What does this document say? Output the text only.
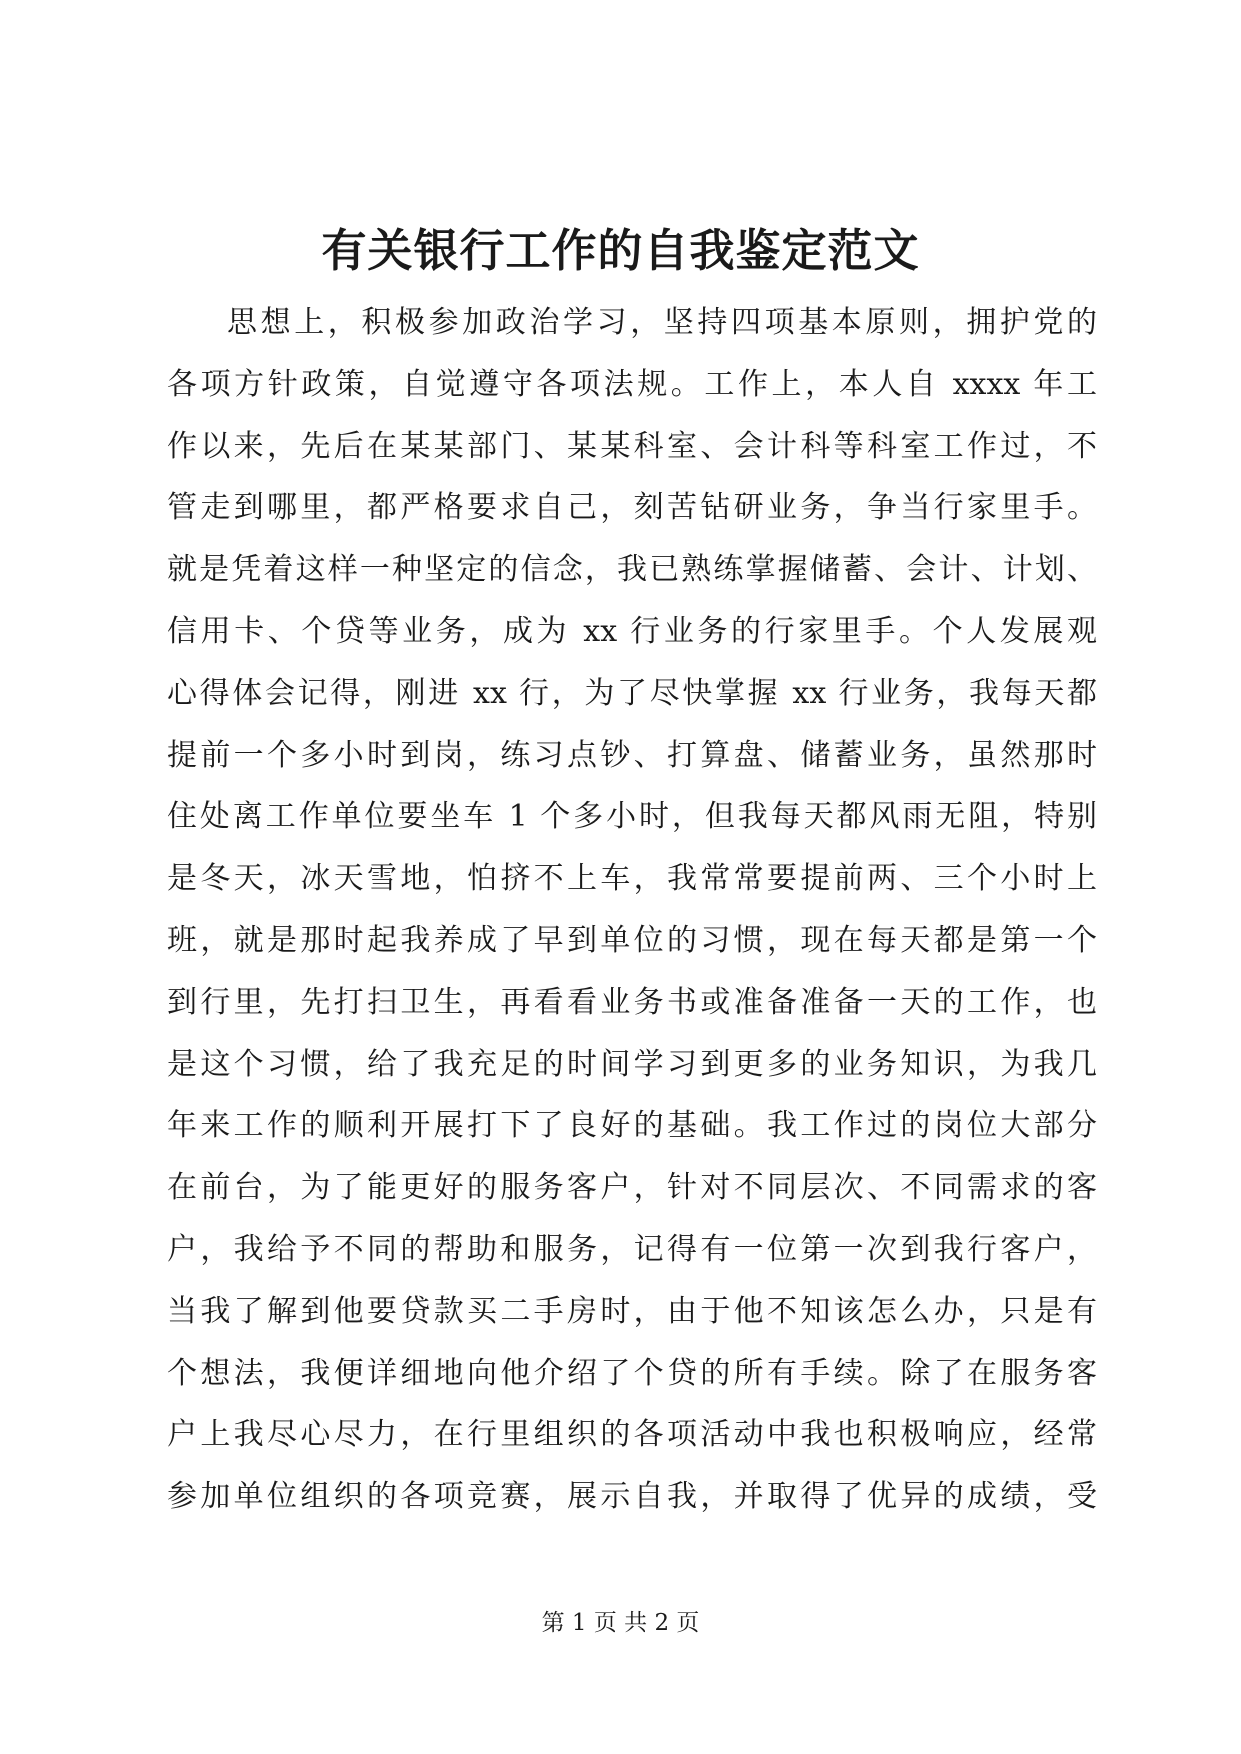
有关银行工作的自我鉴定范文
思想上，积极参加政治学习，坚持四项基本原则，拥护党的
各项方针政策，自觉遵守各项法规。工作上，本人自 xxxx 年工
作以来，先后在某某部门、某某科室、会计科等科室工作过，不
管走到哪里，都严格要求自己，刻苦钻研业务，争当行家里手。
就是凭着这样一种坚定的信念，我已熟练掌握储蓄、会计、计划、
信用卡、个贷等业务，成为 xx 行业务的行家里手。个人发展观
心得体会记得，刚进 xx 行，为了尽快掌握 xx 行业务，我每天都
提前一个多小时到岗，练习点钞、打算盘、储蓄业务，虽然那时
住处离工作单位要坐车 1 个多小时，但我每天都风雨无阻，特别
是冬天，冰天雪地，怕挤不上车，我常常要提前两、三个小时上
班，就是那时起我养成了早到单位的习惯，现在每天都是第一个
到行里，先打扫卫生，再看看业务书或准备准备一天的工作，也
是这个习惯，给了我充足的时间学习到更多的业务知识，为我几
年来工作的顺利开展打下了良好的基础。我工作过的岗位大部分
在前台，为了能更好的服务客户，针对不同层次、不同需求的客
户，我给予不同的帮助和服务，记得有一位第一次到我行客户，
当我了解到他要贷款买二手房时，由于他不知该怎么办，只是有
个想法，我便详细地向他介绍了个贷的所有手续。除了在服务客
户上我尽心尽力，在行里组织的各项活动中我也积极响应，经常
参加单位组织的各项竞赛，展示自我，并取得了优异的成绩，受
第 1 页 共 2 页
